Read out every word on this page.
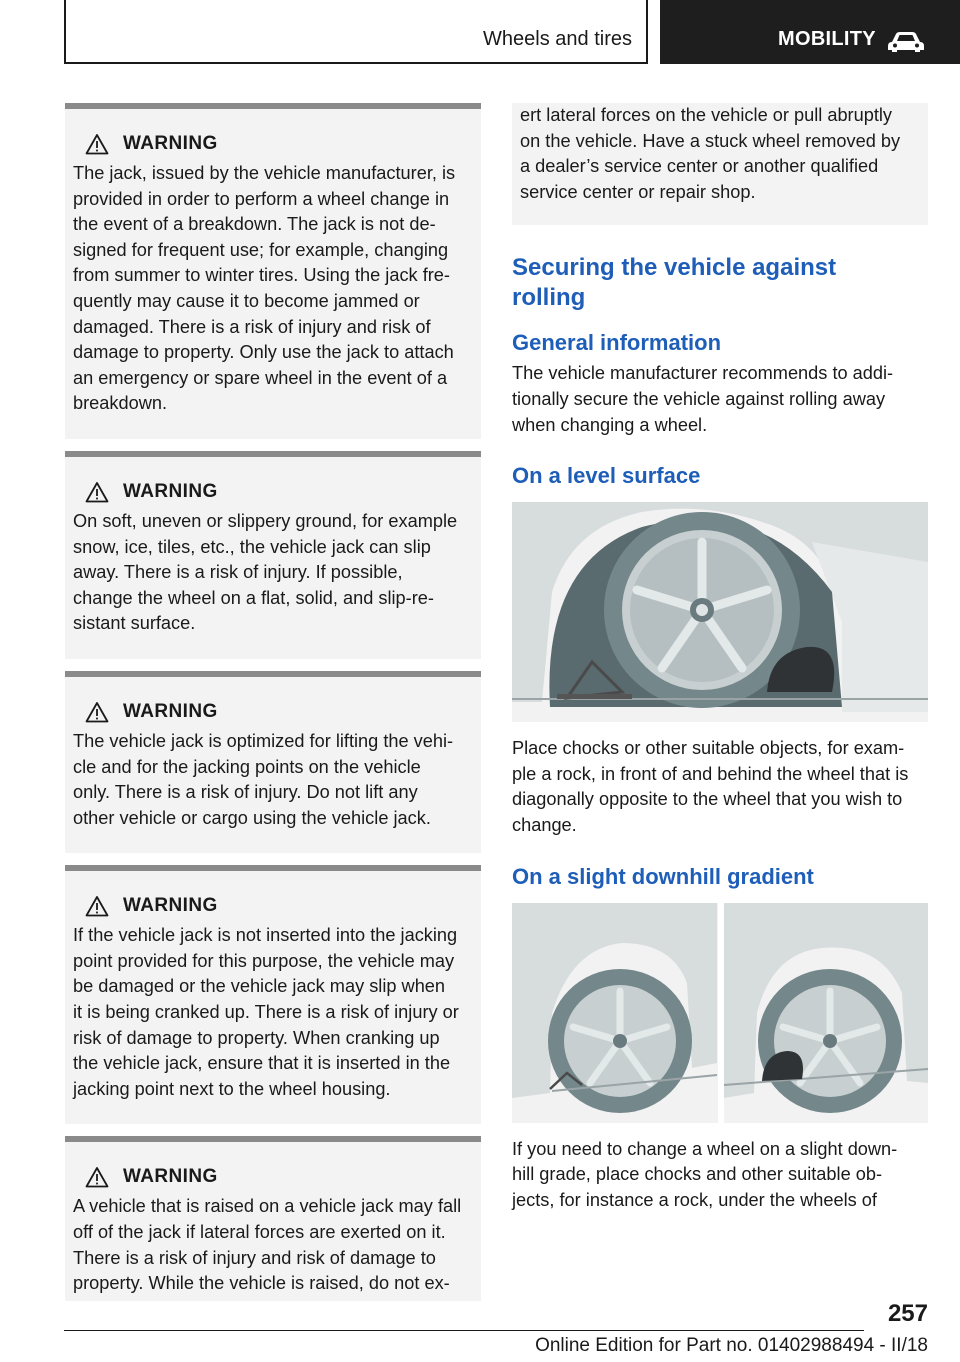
Wheels and tires	MOBILITY
WARNING
The jack, issued by the vehicle manufacturer, is
provided in order to perform a wheel change in
the event of a breakdown. The jack is not de-
signed for frequent use; for example, changing
from summer to winter tires. Using the jack fre-
quently may cause it to become jammed or
damaged. There is a risk of injury and risk of
damage to property. Only use the jack to attach
an emergency or spare wheel in the event of a
breakdown.
WARNING
On soft, uneven or slippery ground, for example
snow, ice, tiles, etc., the vehicle jack can slip
away. There is a risk of injury. If possible,
change the wheel on a flat, solid, and slip-re-
sistant surface.
WARNING
The vehicle jack is optimized for lifting the vehi-
cle and for the jacking points on the vehicle
only. There is a risk of injury. Do not lift any
other vehicle or cargo using the vehicle jack.
WARNING
If the vehicle jack is not inserted into the jacking
point provided for this purpose, the vehicle may
be damaged or the vehicle jack may slip when
it is being cranked up. There is a risk of injury or
risk of damage to property. When cranking up
the vehicle jack, ensure that it is inserted in the
jacking point next to the wheel housing.
WARNING
A vehicle that is raised on a vehicle jack may fall
off of the jack if lateral forces are exerted on it.
There is a risk of injury and risk of damage to
property. While the vehicle is raised, do not ex-
ert lateral forces on the vehicle or pull abruptly
on the vehicle. Have a stuck wheel removed by
a dealer’s service center or another qualified
service center or repair shop.
Securing the vehicle against
rolling
General information

The vehicle manufacturer recommends to addi-
tionally secure the vehicle against rolling away
when changing a wheel.

On a level surface

Place chocks or other suitable objects, for exam-
ple a rock, in front of and behind the wheel that is
diagonally opposite to the wheel that you wish to
change.

On a slight downhill gradient

If you need to change a wheel on a slight down-
hill grade, place chocks and other suitable ob-
jects, for instance a rock, under the wheels of

257
Online Edition for Part no. 01402988494 - II/18
